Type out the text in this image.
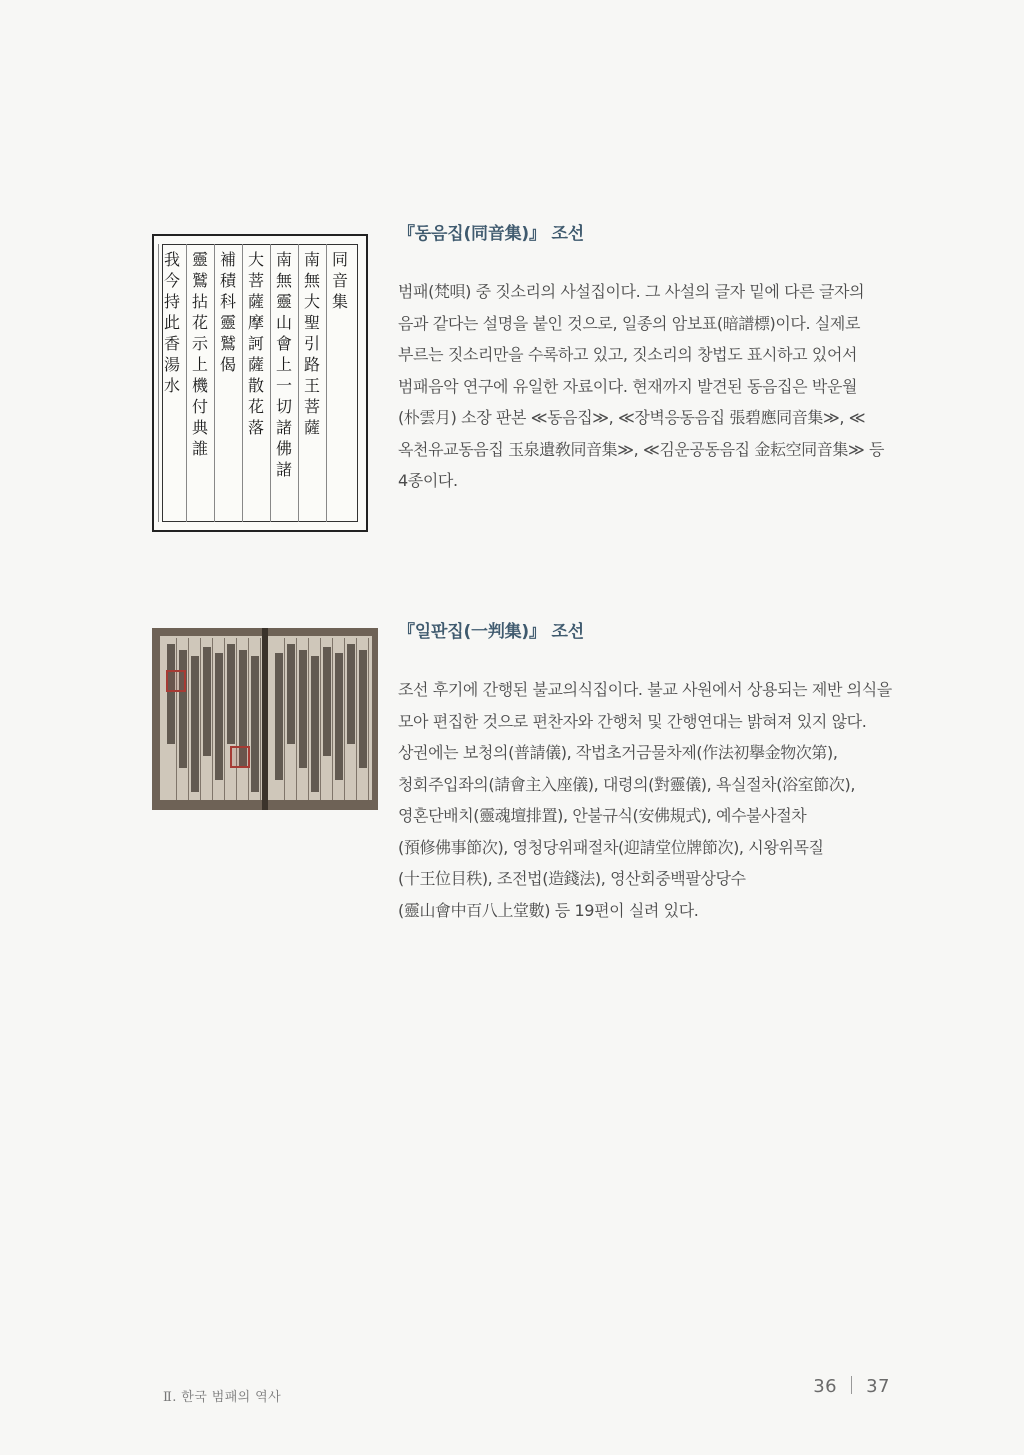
同
音
集
南
無
大
聖
引
路
王
菩
薩
南
無
靈
山
會
上
一
切
諸
佛
諸
大
菩
薩
摩
訶
薩
散
花
落
補
積
科
靈
鷲
偈
靈
鷲
拈
花
示
上
機
付
典
誰
我
今
持
此
香
湯
水
『동음집(同音集)』 조선

범패(梵唄) 중 짓소리의 사설집이다. 그 사설의 글자 밑에 다른 글자의 음과 같다는 설명을 붙인 것으로, 일종의 암보표(暗譜標)이다. 실제로 부르는 짓소리만을 수록하고 있고, 짓소리의 창법도 표시하고 있어서 범패음악 연구에 유일한 자료이다. 현재까지 발견된 동음집은 박운월(朴雲月) 소장 판본 ≪동음집≫, ≪장벽응동음집 張碧應同音集≫, ≪옥천유교동음집 玉泉遺敎同音集≫, ≪김운공동음집 金耘空同音集≫ 등 4종이다.

『일판집(一判集)』 조선

조선 후기에 간행된 불교의식집이다. 불교 사원에서 상용되는 제반 의식을 모아 편집한 것으로 편찬자와 간행처 및 간행연대는 밝혀져 있지 않다. 상권에는 보청의(普請儀), 작법초거금물차제(作法初擧金物次第), 청회주입좌의(請會主入座儀), 대령의(對靈儀), 욕실절차(浴室節次), 영혼단배치(靈魂壇排置), 안불규식(安佛規式), 예수불사절차(預修佛事節次), 영청당위패절차(迎請堂位牌節次), 시왕위목질(十王位目秩), 조전법(造錢法), 영산회중백팔상당수(靈山會中百八上堂數) 등 19편이 실려 있다.

Ⅱ. 한국 범패의 역사
36 37
